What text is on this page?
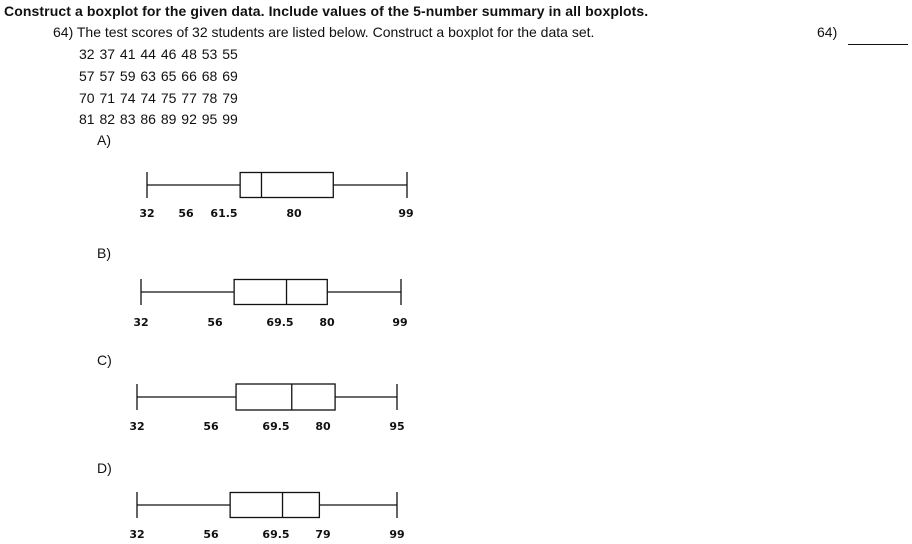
Construct a boxplot for the given data. Include values of the 5-number summary in all boxplots.
64) The test scores of 32 students are listed below. Construct a boxplot for the data set.	64)
32 37 41 44 46 48 53 55
57 57 59 63 65 66 68 69
70 71 74 74 75 77 78 79
81 82 83 86 89 92 95 99
A)
B)
C)
D)
32 56 61.5	80	99
32	56	69.5 80	99
32	56	69.5 80	95
32	56	69.5 79	99
